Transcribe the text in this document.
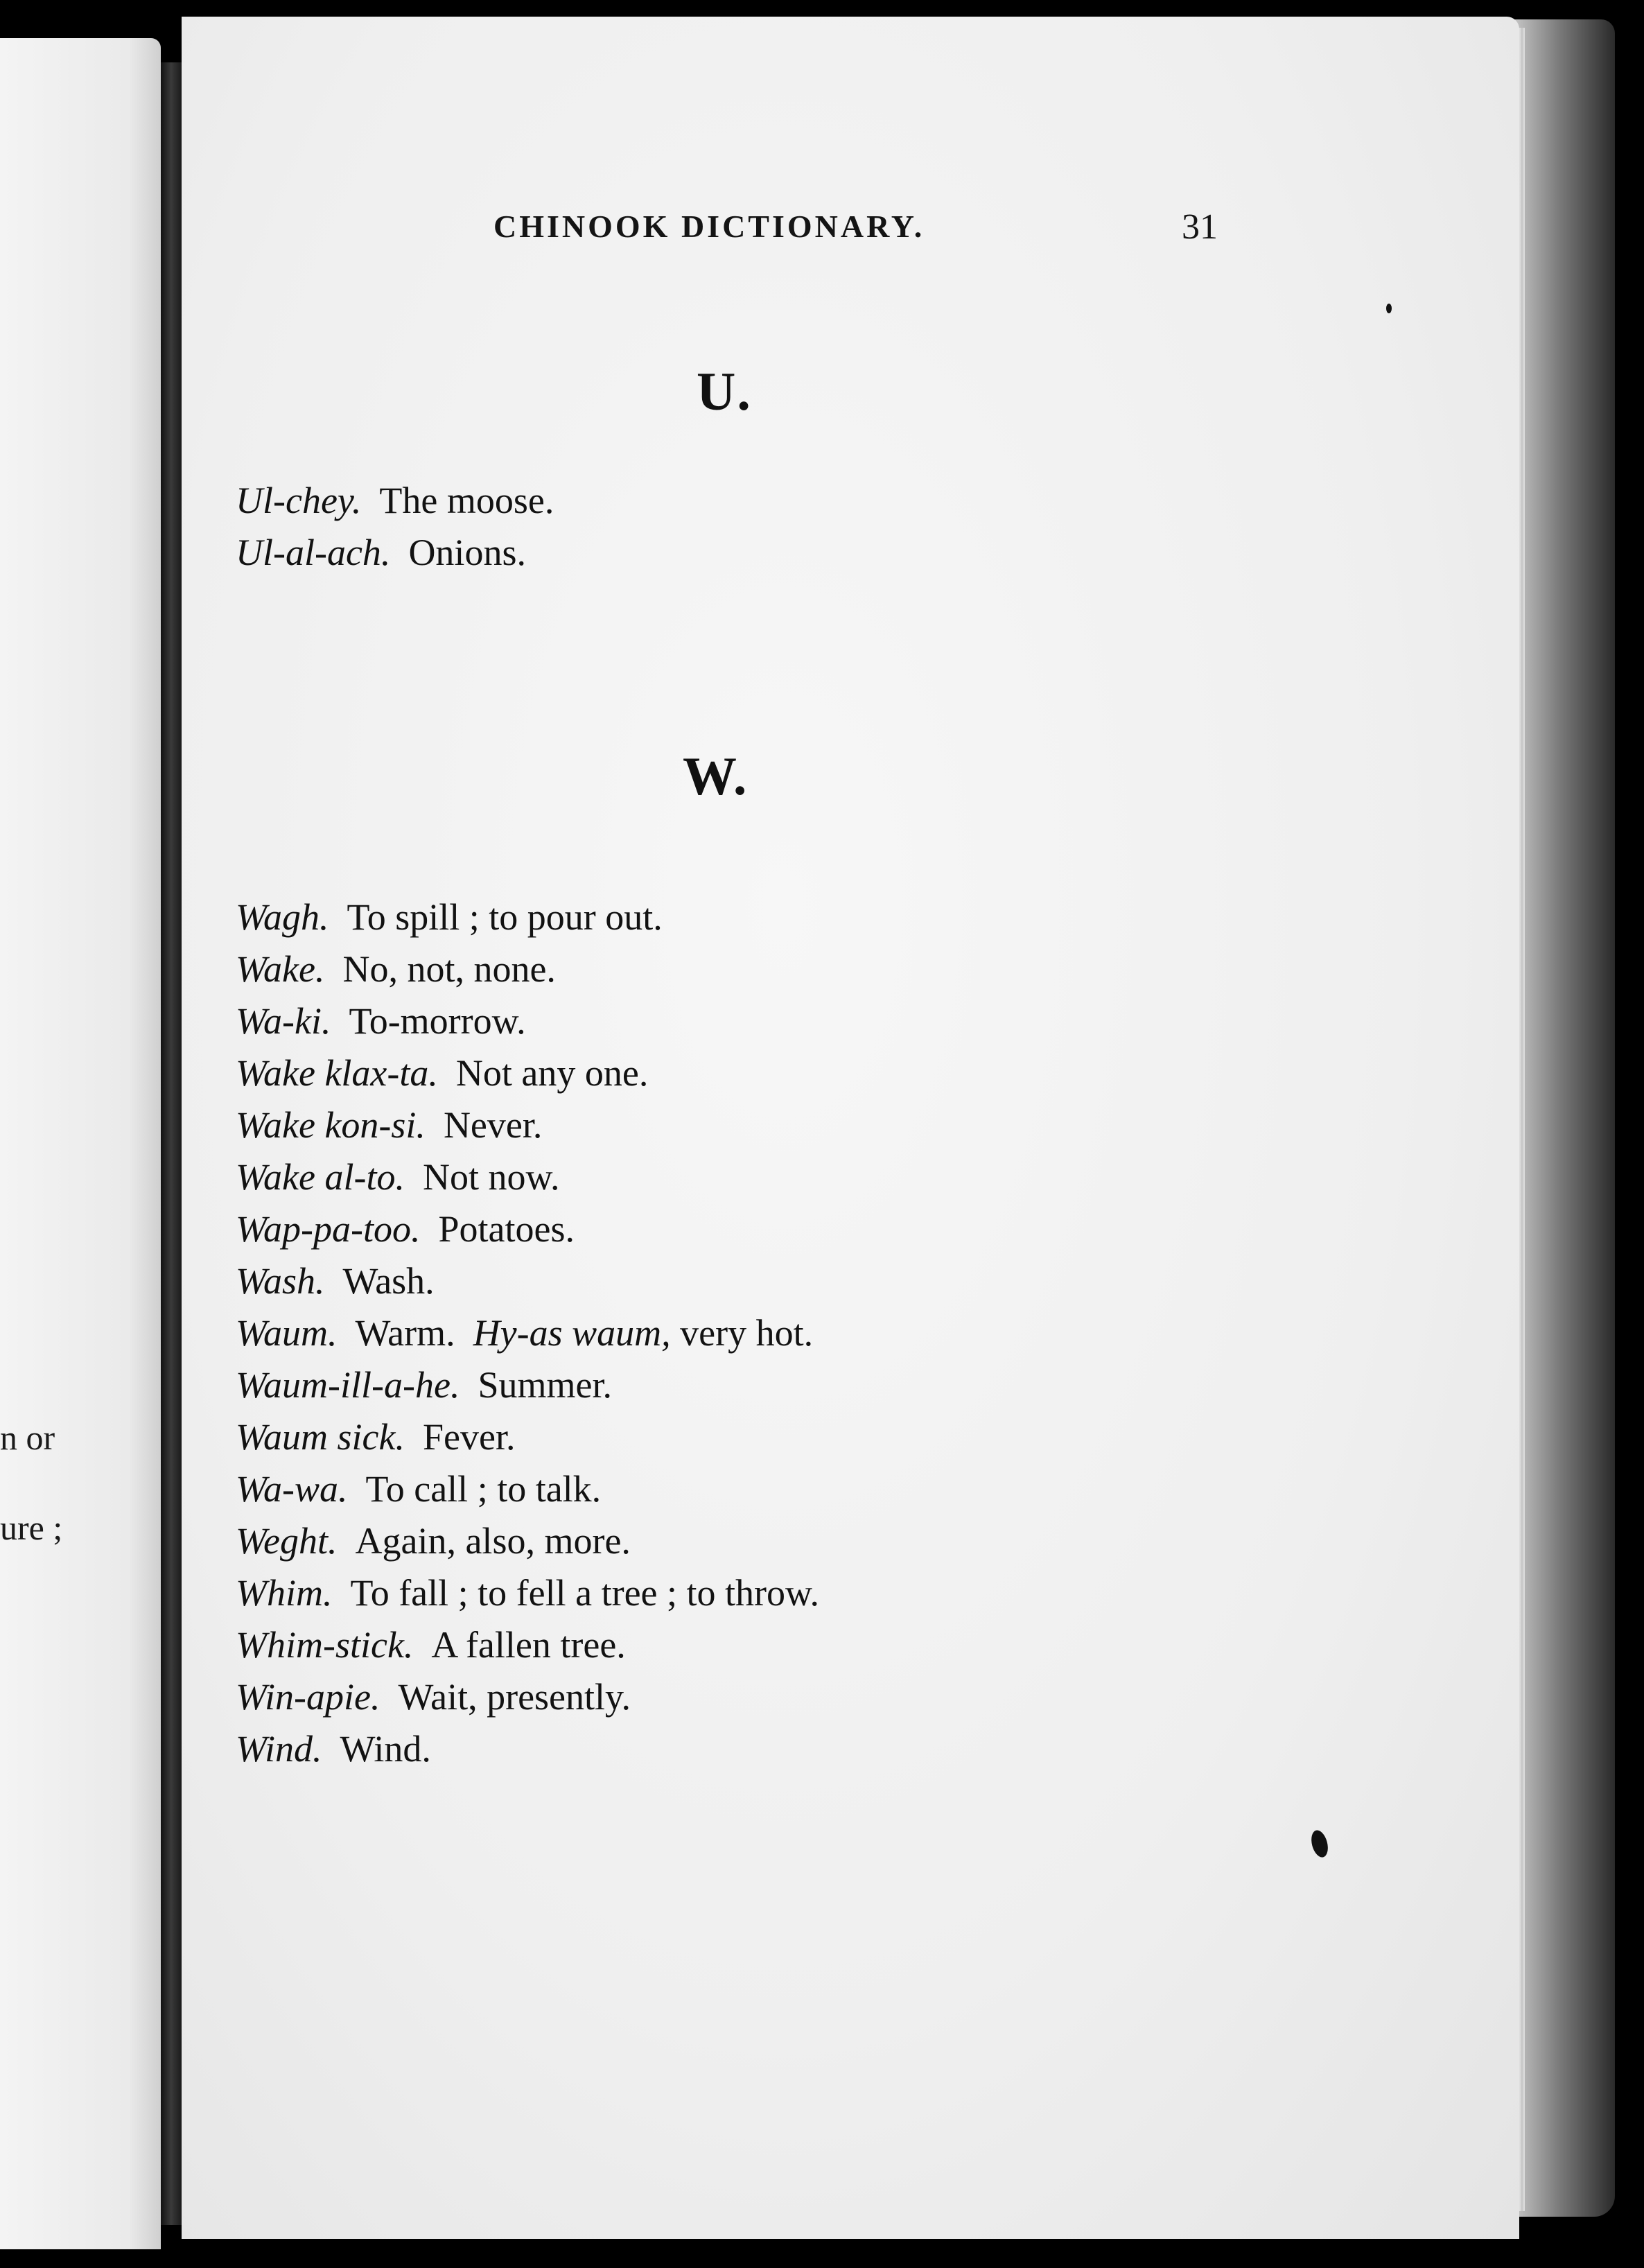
n or
ure ;
CHINOOK DICTIONARY.	31
U.
Ul-chey. The moose.
Ul-al-ach. Onions.
W.
Wagh. To spill ; to pour out.
Wake. No, not, none.
Wa-ki. To-morrow.
Wake klax-ta. Not any one.
Wake kon-si. Never.
Wake al-to. Not now.
Wap-pa-too. Potatoes.
Wash. Wash.
Waum. Warm. Hy-as waum, very hot.
Waum-ill-a-he. Summer.
Waum sick. Fever.
Wa-wa. To call ; to talk.
Weght. Again, also, more.
Whim. To fall ; to fell a tree ; to throw.
Whim-stick. A fallen tree.
Win-apie. Wait, presently.
Wind. Wind.
